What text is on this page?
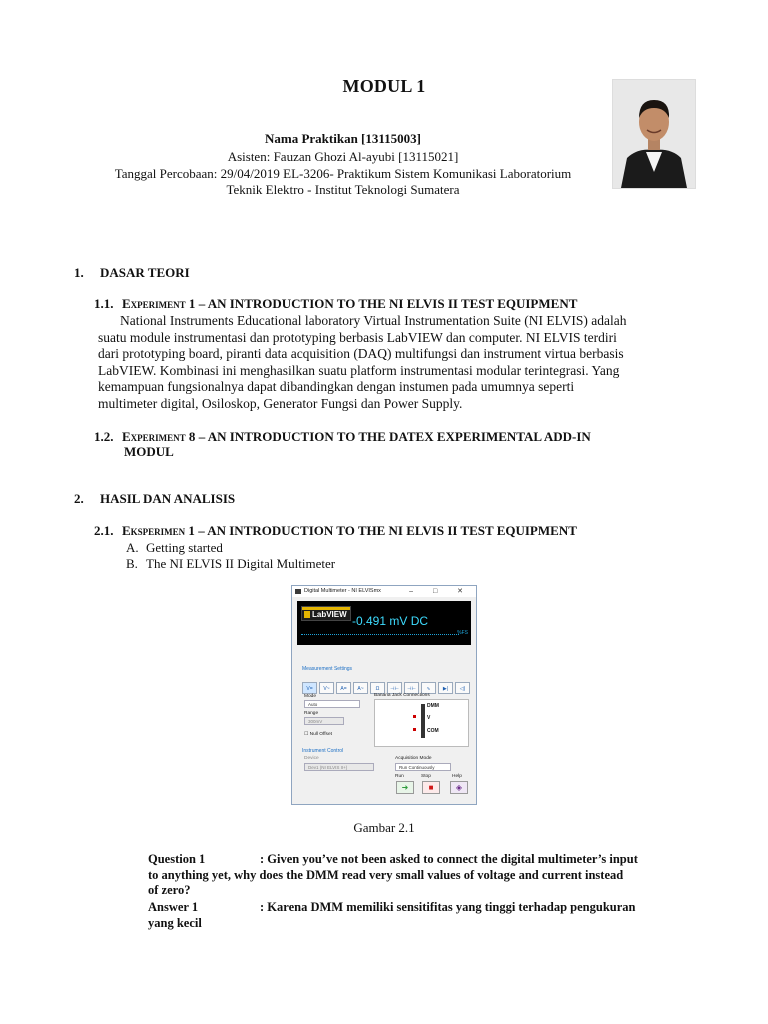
MODUL 1
Nama Praktikan [13115003]
Asisten: Fauzan Ghozi Al-ayubi [13115021]
Tanggal Percobaan: 29/04/2019 EL-3206- Praktikum Sistem Komunikasi Laboratorium
Teknik Elektro - Institut Teknologi Sumatera
1. DASAR TEORI
1.1. Experiment 1 – AN INTRODUCTION TO THE NI ELVIS II TEST EQUIPMENT
National Instruments Educational laboratory Virtual Instrumentation Suite (NI ELVIS) adalah
suatu module instrumentasi dan prototyping berbasis LabVIEW dan computer. NI ELVIS terdiri
dari prototyping board, piranti data acquisition (DAQ) multifungsi dan instrument virtua berbasis
LabVIEW. Kombinasi ini menghasilkan suatu platform instrumentasi modular terintegrasi. Yang
kemampuan fungsionalnya dapat dibandingkan dengan instumen pada umumnya seperti
multimeter digital, Osiloskop, Generator Fungsi dan Power Supply.
1.2. Experiment 8 – AN INTRODUCTION TO THE DATEX EXPERIMENTAL ADD-IN
MODUL
2. HASIL DAN ANALISIS
2.1. Eksperimen 1 – AN INTRODUCTION TO THE NI ELVIS II TEST EQUIPMENT
A. Getting started
B. The NI ELVIS II Digital Multimeter
Digital Multimeter - NI ELVISmx	– □ ✕
LabVIEW -0.491 mV DC
%FS
Measurement Settings
V= V~ A= A~ Ω ⊣⊢ ⊣⊢ ∿ ▶| ◁)
Mode
Auto
Range
300mV
☐ Null Offset
Banana Jack Connections
DMM
V
COM
Instrument Control
Device
Dev1 (NI ELVIS II+)
Acquisition Mode
Run Continuously
Run	Stop	Help
➜	■	◈
Gambar 2.1
Question 1	: Given you’ve not been asked to connect the digital multimeter’s input
to anything yet, why does the DMM read very small values of voltage and current instead
of zero?
Answer 1	: Karena DMM memiliki sensitifitas yang tinggi terhadap pengukuran
yang kecil
